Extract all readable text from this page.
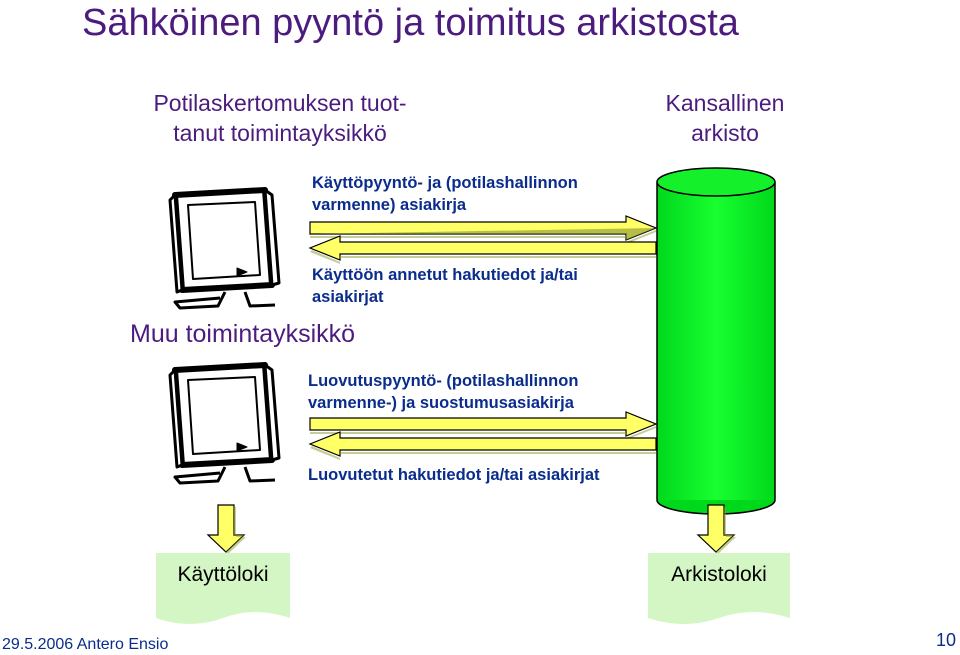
Sähköinen pyyntö ja toimitus arkistosta
Potilaskertomuksen tuot-
tanut toimintayksikkö
Kansallinen
arkisto
Muu toimintayksikkö
Käyttöpyyntö- ja (potilashallinnon
varmenne) asiakirja
Käyttöön annetut hakutiedot ja/tai
asiakirjat
Luovutuspyyntö- (potilashallinnon
varmenne-) ja suostumusasiakirja
Luovutetut hakutiedot ja/tai asiakirjat
Käyttöloki	Arkistoloki
29.5.2006 Antero Ensio	10
